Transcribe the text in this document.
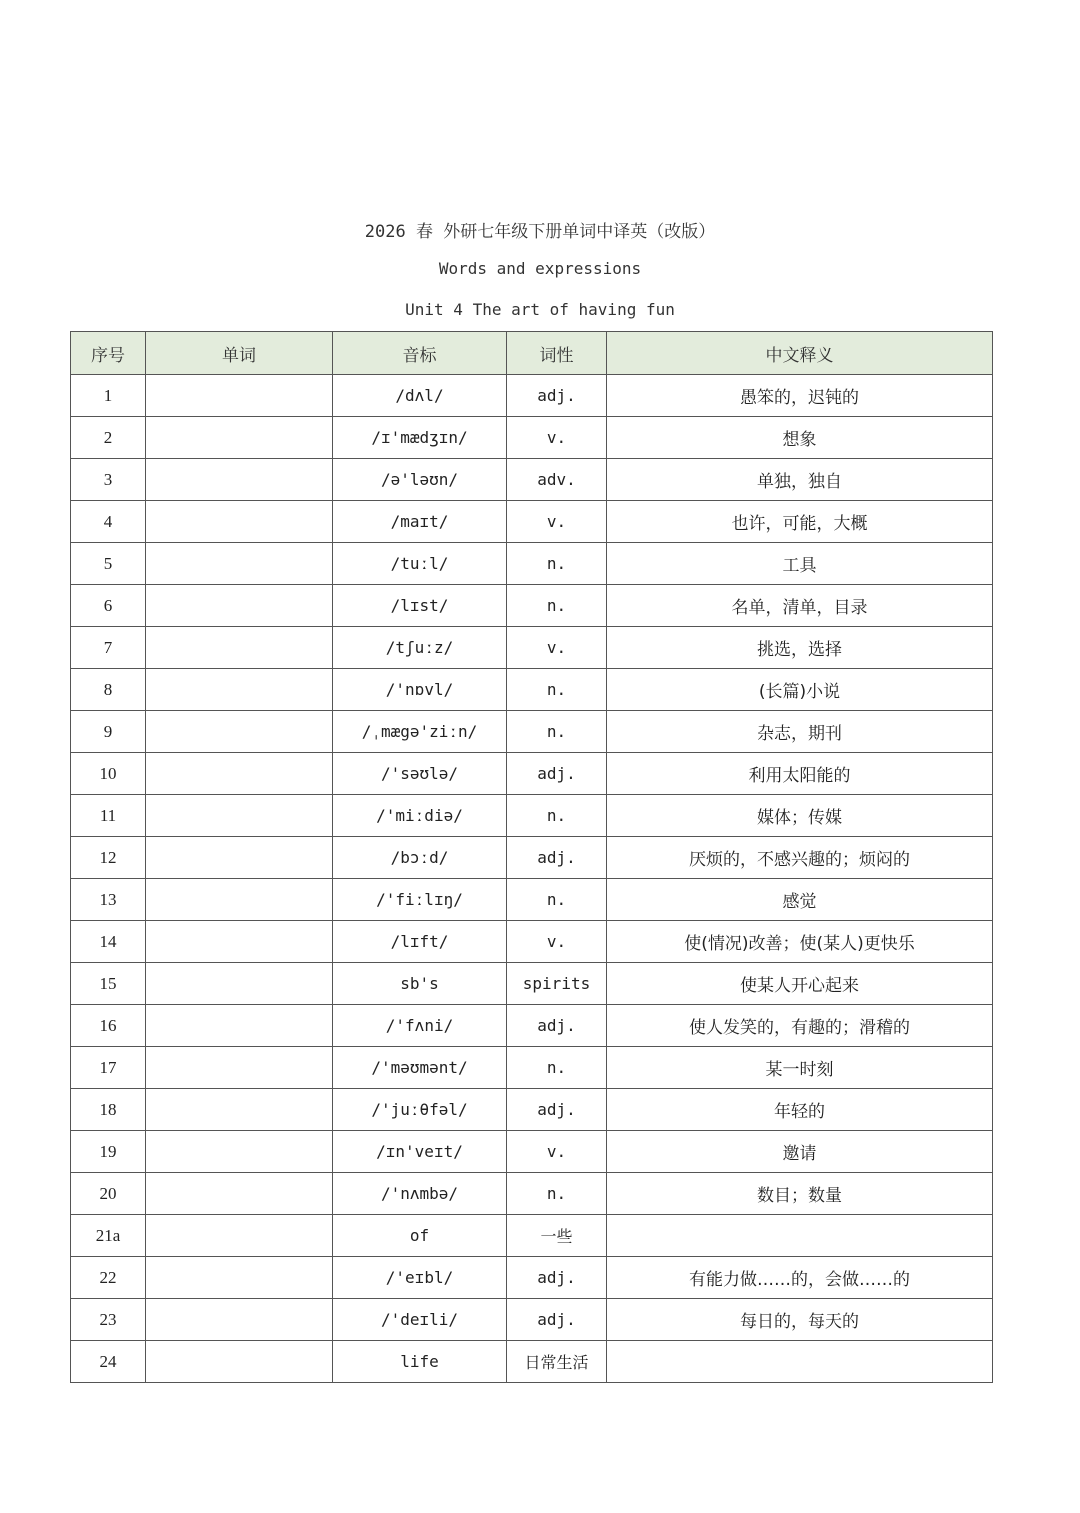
2026 春 外研七年级下册单词中译英（改版）
Words and expressions
Unit 4 The art of having fun
序号	单词	音标	词性	中文释义
1		/dʌl/	adj.	愚笨的，迟钝的
2		/ɪ'mædʒɪn/	v.	想象
3		/ə'ləʊn/	adv.	单独，独自
4		/maɪt/	v.	也许，可能，大概
5		/tuːl/	n.	工具
6		/lɪst/	n.	名单，清单，目录
7		/tʃuːz/	v.	挑选，选择
8		/'nɒvl/	n.	(长篇)小说
9		/ˌmægə'ziːn/	n.	杂志，期刊
10		/'səʊlə/	adj.	利用太阳能的
11		/'miːdiə/	n.	媒体；传媒
12		/bɔːd/	adj.	厌烦的，不感兴趣的；烦闷的
13		/'fiːlɪŋ/	n.	感觉
14		/lɪft/	v.	使(情况)改善；使(某人)更快乐
15		sb's	spirits	使某人开心起来
16		/'fʌni/	adj.	使人发笑的，有趣的；滑稽的
17		/'məʊmənt/	n.	某一时刻
18		/'juːθfəl/	adj.	年轻的
19		/ɪn'veɪt/	v.	邀请
20		/'nʌmbə/	n.	数目；数量
21a		of	一些	
22		/'eɪbl/	adj.	有能力做……的，会做……的
23		/'deɪli/	adj.	每日的，每天的
24		life	日常生活	
